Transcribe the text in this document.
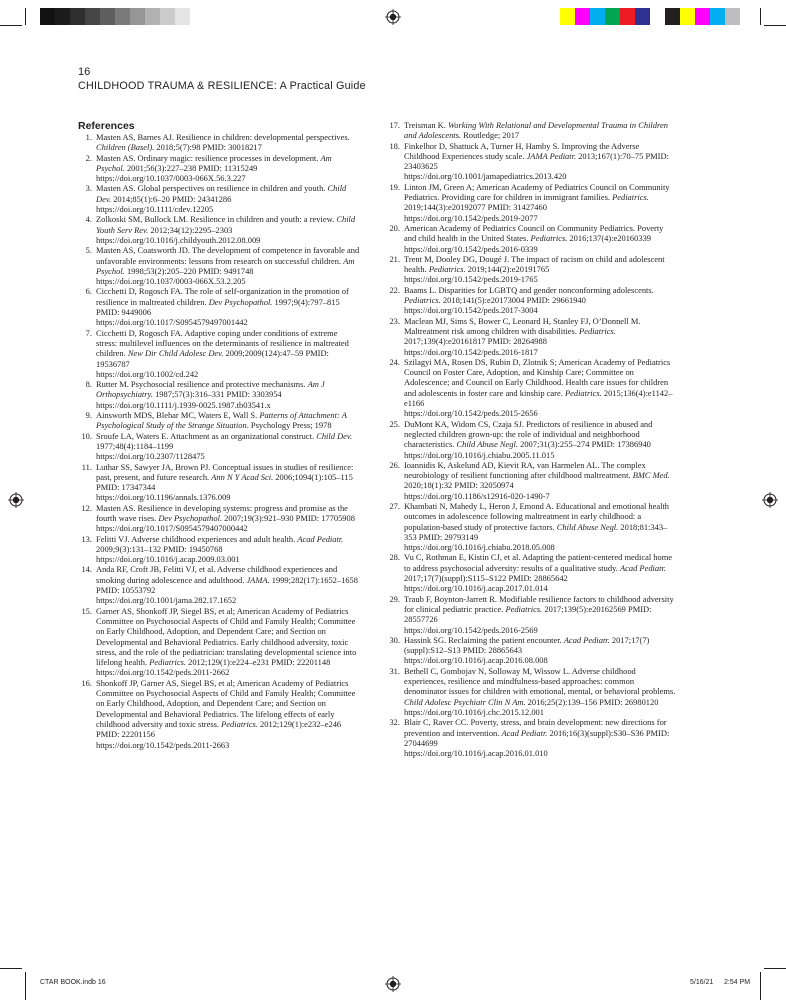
16
CHILDHOOD TRAUMA & RESILIENCE: A Practical Guide
References

1. Masten AS, Barnes AJ. Resilience in children: developmental perspectives. Children (Basel). 2018;5(7):98 PMID: 30018217

2. Masten AS. Ordinary magic: resilience processes in development. Am Psychol. 2001;56(3):227–238 PMID: 11315249
https://doi.org/10.1037/0003-066X.56.3.227

3. Masten AS. Global perspectives on resilience in children and youth. Child Dev. 2014;85(1):6–20 PMID: 24341286
https://doi.org/10.1111/cdev.12205

4. Zolkoski SM, Bullock LM. Resilience in children and youth: a review. Child Youth Serv Rev. 2012;34(12):2295–2303
https://doi.org/10.1016/j.childyouth.2012.08.009

5. Masten AS, Coatsworth JD. The development of competence in favorable and unfavorable environments: lessons from research on successful children. Am Psychol. 1998;53(2):205–220 PMID: 9491748
https://doi.org/10.1037/0003-066X.53.2.205

6. Cicchetti D, Rogosch FA. The role of self-organization in the promotion of resilience in maltreated children. Dev Psychopathol. 1997;9(4):797–815 PMID: 9449006
https://doi.org/10.1017/S0954579497001442

7. Cicchetti D, Rogosch FA. Adaptive coping under conditions of extreme stress: multilevel influences on the determinants of resilience in maltreated children. New Dir Child Adolesc Dev. 2009;2009(124):47–59 PMID: 19536787
https://doi.org/10.1002/cd.242

8. Rutter M. Psychosocial resilience and protective mechanisms. Am J Orthopsychiatry. 1987;57(3):316–331 PMID: 3303954
https://doi.org/10.1111/j.1939-0025.1987.tb03541.x

9. Ainsworth MDS, Blehar MC, Waters E, Wall S. Patterns of Attachment: A Psychological Study of the Strange Situation. Psychology Press; 1978

10. Sroufe LA, Waters E. Attachment as an organizational construct. Child Dev. 1977;48(4):1184–1199
https://doi.org/10.2307/1128475

11. Luthar SS, Sawyer JA, Brown PJ. Conceptual issues in studies of resilience: past, present, and future research. Ann N Y Acad Sci. 2006;1094(1):105–115 PMID: 17347344
https://doi.org/10.1196/annals.1376.009

12. Masten AS. Resilience in developing systems: progress and promise as the fourth wave rises. Dev Psychopathol. 2007;19(3):921–930 PMID: 17705908
https://doi.org/10.1017/S0954579407000442

13. Felitti VJ. Adverse childhood experiences and adult health. Acad Pediatr. 2009;9(3):131–132 PMID: 19450768
https://doi.org/10.1016/j.acap.2009.03.001

14. Anda RF, Croft JB, Felitti VJ, et al. Adverse childhood experiences and smoking during adolescence and adulthood. JAMA. 1999;282(17):1652–1658 PMID: 10553792
https://doi.org/10.1001/jama.282.17.1652

15. Garner AS, Shonkoff JP, Siegel BS, et al; American Academy of Pediatrics Committee on Psychosocial Aspects of Child and Family Health; Committee on Early Childhood, Adoption, and Dependent Care; and Section on Developmental and Behavioral Pediatrics. Early childhood adversity, toxic stress, and the role of the pediatrician: translating developmental science into lifelong health. Pediatrics. 2012;129(1):e224–e231 PMID: 22201148
https://doi.org/10.1542/peds.2011-2662

16. Shonkoff JP, Garner AS, Siegel BS, et al; American Academy of Pediatrics Committee on Psychosocial Aspects of Child and Family Health; Committee on Early Childhood, Adoption, and Dependent Care; and Section on Developmental and Behavioral Pediatrics. The lifelong effects of early childhood adversity and toxic stress. Pediatrics. 2012;129(1):e232–e246 PMID: 22201156
https://doi.org/10.1542/peds.2011-2663

17. Treisman K. Working With Relational and Developmental Trauma in Children and Adolescents. Routledge; 2017

18. Finkelhor D, Shattuck A, Turner H, Hamby S. Improving the Adverse Childhood Experiences study scale. JAMA Pediatr. 2013;167(1):70–75 PMID: 23403625
https://doi.org/10.1001/jamapediatrics.2013.420

19. Linton JM, Green A; American Academy of Pediatrics Council on Community Pediatrics. Providing care for children in immigrant families. Pediatrics. 2019;144(3):e20192077 PMID: 31427460
https://doi.org/10.1542/peds.2019-2077

20. American Academy of Pediatrics Council on Community Pediatrics. Poverty and child health in the United States. Pediatrics. 2016;137(4):e20160339
https://doi.org/10.1542/peds.2016-0339

21. Trent M, Dooley DG, Dougé J. The impact of racism on child and adolescent health. Pediatrics. 2019;144(2):e20191765
https://doi.org/10.1542/peds.2019-1765

22. Baams L. Disparities for LGBTQ and gender nonconforming adolescents. Pediatrics. 2018;141(5):e20173004 PMID: 29661940
https://doi.org/10.1542/peds.2017-3004

23. Maclean MJ, Sims S, Bower C, Leonard H, Stanley FJ, O’Donnell M. Maltreatment risk among children with disabilities. Pediatrics. 2017;139(4):e20161817 PMID: 28264988
https://doi.org/10.1542/peds.2016-1817

24. Szilagyi MA, Rosen DS, Rubin D, Zlotnik S; American Academy of Pediatrics Council on Foster Care, Adoption, and Kinship Care; Committee on Adolescence; and Council on Early Childhood. Health care issues for children and adolescents in foster care and kinship care. Pediatrics. 2015;136(4):e1142–e1166
https://doi.org/10.1542/peds.2015-2656

25. DuMont KA, Widom CS, Czaja SJ. Predictors of resilience in abused and neglected children grown-up: the role of individual and neighborhood characteristics. Child Abuse Negl. 2007;31(3):255–274 PMID: 17386940
https://doi.org/10.1016/j.chiabu.2005.11.015

26. Ioannidis K, Askelund AD, Kievit RA, van Harmelen AL. The complex neurobiology of resilient functioning after childhood maltreatment. BMC Med. 2020;18(1):32 PMID: 32050974
https://doi.org/10.1186/s12916-020-1490-7

27. Khambati N, Mahedy L, Heron J, Emond A. Educational and emotional health outcomes in adolescence following maltreatment in early childhood: a population-based study of protective factors. Child Abuse Negl. 2018;81:343–353 PMID: 29793149
https://doi.org/10.1016/j.chiabu.2018.05.008

28. Vu C, Rothman E, Kistin CJ, et al. Adapting the patient-centered medical home to address psychosocial adversity: results of a qualitative study. Acad Pediatr. 2017;17(7)(suppl):S115–S122 PMID: 28865642
https://doi.org/10.1016/j.acap.2017.01.014

29. Traub F, Boynton-Jarrett R. Modifiable resilience factors to childhood adversity for clinical pediatric practice. Pediatrics. 2017;139(5):e20162569 PMID: 28557726
https://doi.org/10.1542/peds.2016-2569

30. Hassink SG. Reclaiming the patient encounter. Acad Pediatr. 2017;17(7)(suppl):S12–S13 PMID: 28865643
https://doi.org/10.1016/j.acap.2016.08.008

31. Bethell C, Gombojav N, Solloway M, Wissow L. Adverse childhood experiences, resilience and mindfulness-based approaches: common denominator issues for children with emotional, mental, or behavioral problems. Child Adolesc Psychiatr Clin N Am. 2016;25(2):139–156 PMID: 26980120
https://doi.org/10.1016/j.chc.2015.12.001

32. Blair C, Raver CC. Poverty, stress, and brain development: new directions for prevention and intervention. Acad Pediatr. 2016;16(3)(suppl):S30–S36 PMID: 27044699
https://doi.org/10.1016/j.acap.2016.01.010

CTAR BOOK.indb 16	5/16/21 2:54 PM
